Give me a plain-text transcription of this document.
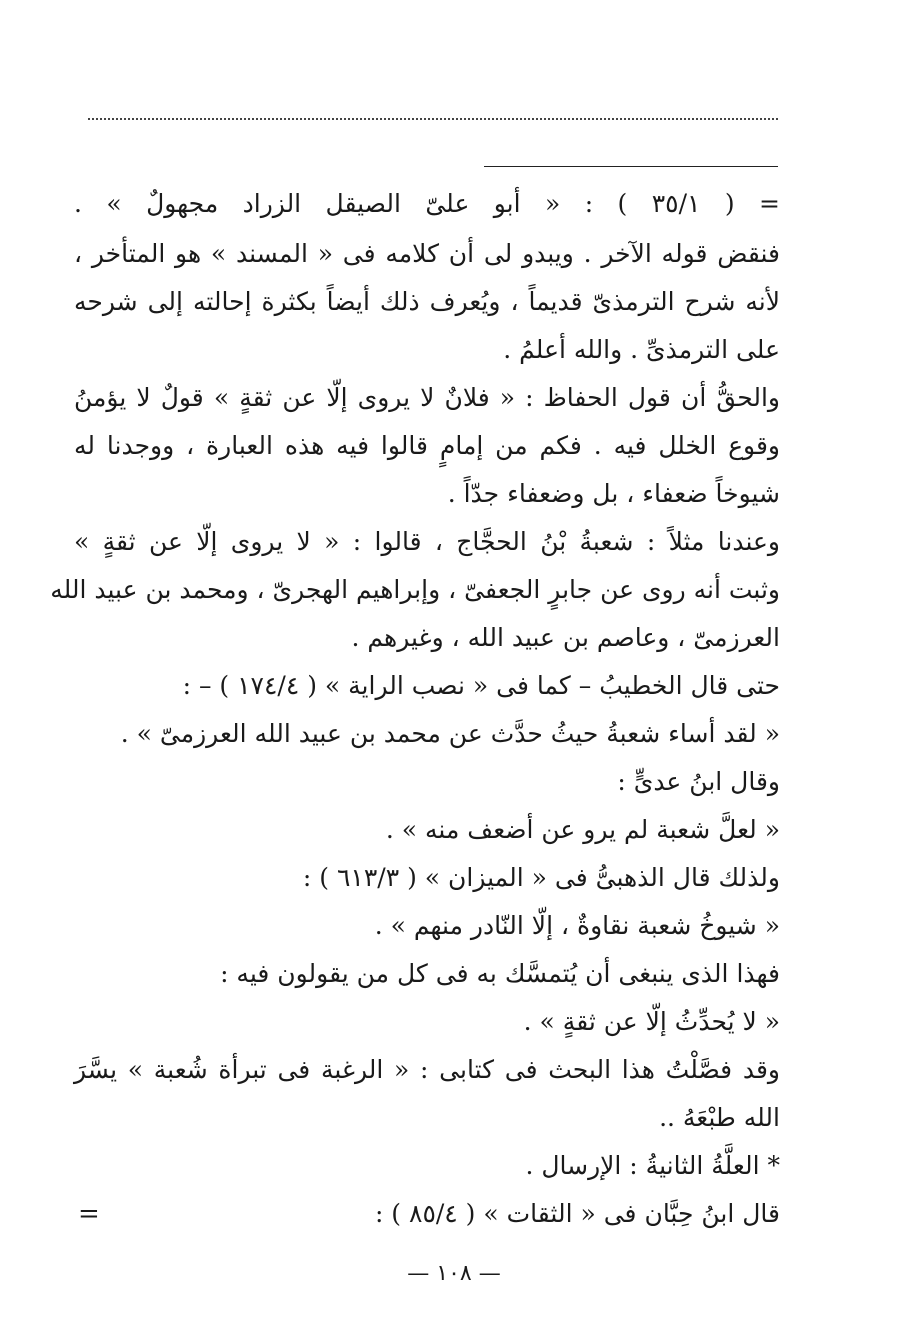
= ( ٣٥/١ ) : « أبو علىّ الصيقل الزراد مجهولٌ » .
فنقض قوله الآخر . ويبدو لى أن كلامه فى « المسند » هو المتأخر ،
لأنه شرح الترمذىّ قديماً ، ويُعرف ذلك أيضاً بكثرة إحالته إلى شرحه
على الترمذىِّ . والله أعلمُ .
والحقُّ أن قول الحفاظ : « فلانٌ لا يروى إلّا عن ثقةٍ » قولٌ لا يؤمنُ
وقوع الخلل فيه . فكم من إمامٍ قالوا فيه هذه العبارة ، ووجدنا له
شيوخاً ضعفاء ، بل وضعفاء جدّاً .
وعندنا مثلاً : شعبةُ بْنُ الحجَّاج ، قالوا : « لا يروى إلّا عن ثقةٍ »
وثبت أنه روى عن جابرٍ الجعفىّ ، وإبراهيم الهجرىّ ، ومحمد بن عبيد الله
العرزمىّ ، وعاصم بن عبيد الله ، وغيرهم .
حتى قال الخطيبُ – كما فى « نصب الراية » ( ١٧٤/٤ ) – :
« لقد أساء شعبةُ حيثُ حدَّث عن محمد بن عبيد الله العرزمىّ » .
وقال ابنُ عدىٍّ :
« لعلَّ شعبة لم يرو عن أضعف منه » .
ولذلك قال الذهبىُّ فى « الميزان » ( ٦١٣/٣ ) :
« شيوخُ شعبة نقاوةٌ ، إلّا النّادر منهم » .
فهذا الذى ينبغى أن يُتمسَّك به فى كل من يقولون فيه :
« لا يُحدِّثُ إلّا عن ثقةٍ » .
وقد فصَّلْتُ هذا البحث فى كتابى : « الرغبة فى تبرأة شُعبة » يسَّرَ
الله طبْعَهُ ..
* العلَّةُ الثانيةُ : الإرسال .
قال ابنُ حِبَّان فى « الثقات » ( ٨٥/٤ ) :
=
— ١٠٨ —
